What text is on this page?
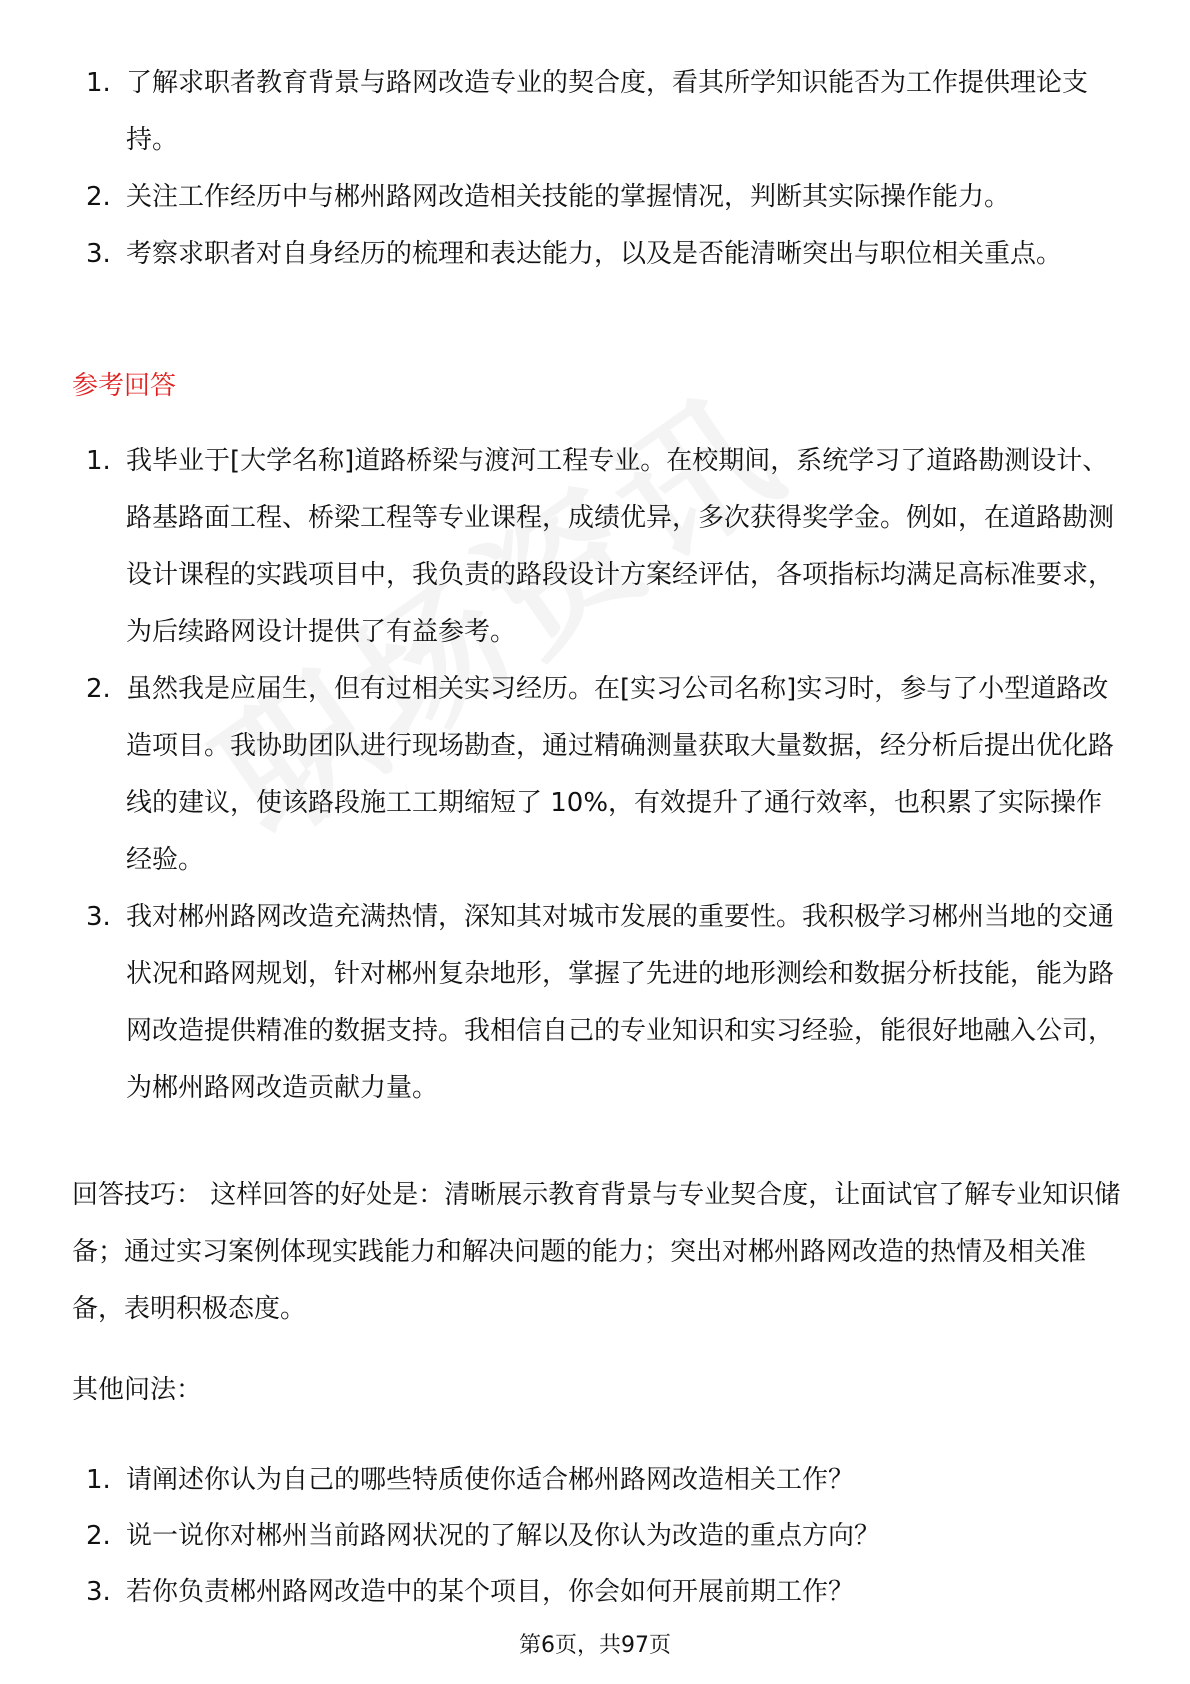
1. 了解求职者教育背景与路网改造专业的契合度，看其所学知识能否为工作提供理论支持。
2. 关注工作经历中与郴州路网改造相关技能的掌握情况，判断其实际操作能力。
3. 考察求职者对自身经历的梳理和表达能力，以及是否能清晰突出与职位相关重点。
参考回答
1. 我毕业于[大学名称]道路桥梁与渡河工程专业。在校期间，系统学习了道路勘测设计、路基路面工程、桥梁工程等专业课程，成绩优异，多次获得奖学金。例如，在道路勘测设计课程的实践项目中，我负责的路段设计方案经评估，各项指标均满足高标准要求，为后续路网设计提供了有益参考。
2. 虽然我是应届生，但有过相关实习经历。在[实习公司名称]实习时，参与了小型道路改造项目。我协助团队进行现场勘查，通过精确测量获取大量数据，经分析后提出优化路线的建议，使该路段施工工期缩短了 10%，有效提升了通行效率，也积累了实际操作经验。
3. 我对郴州路网改造充满热情，深知其对城市发展的重要性。我积极学习郴州当地的交通状况和路网规划，针对郴州复杂地形，掌握了先进的地形测绘和数据分析技能，能为路网改造提供精准的数据支持。我相信自己的专业知识和实习经验，能很好地融入公司，为郴州路网改造贡献力量。

回答技巧： 这样回答的好处是：清晰展示教育背景与专业契合度，让面试官了解专业知识储备；通过实习案例体现实践能力和解决问题的能力；突出对郴州路网改造的热情及相关准备，表明积极态度。

其他问法：
1. 请阐述你认为自己的哪些特质使你适合郴州路网改造相关工作？
2. 说一说你对郴州当前路网状况的了解以及你认为改造的重点方向？
3. 若你负责郴州路网改造中的某个项目，你会如何开展前期工作？
第6页，共97页
